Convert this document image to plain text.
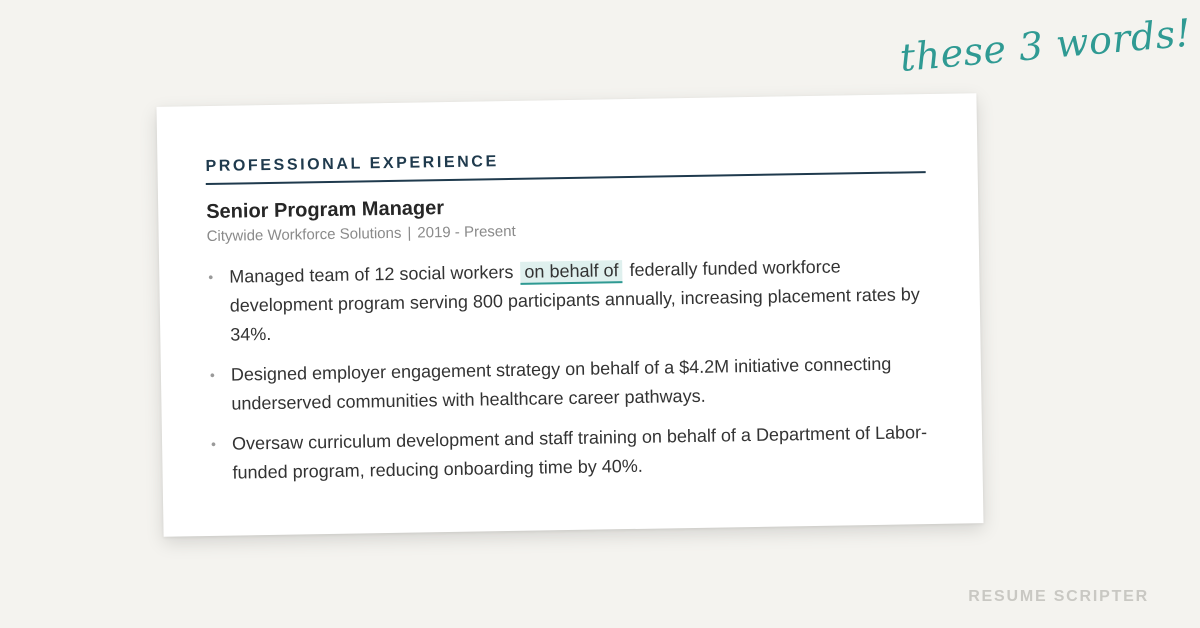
these 3 words!
PROFESSIONAL EXPERIENCE
Senior Program Manager
Citywide Workforce Solutions | 2019 - Present
• Managed team of 12 social workers on behalf of federally funded workforce development program serving 800 participants annually, increasing placement rates by 34%.
• Designed employer engagement strategy on behalf of a $4.2M initiative connecting underserved communities with healthcare career pathways.
• Oversaw curriculum development and staff training on behalf of a Department of Labor-funded program, reducing onboarding time by 40%.
RESUME SCRIPTER
